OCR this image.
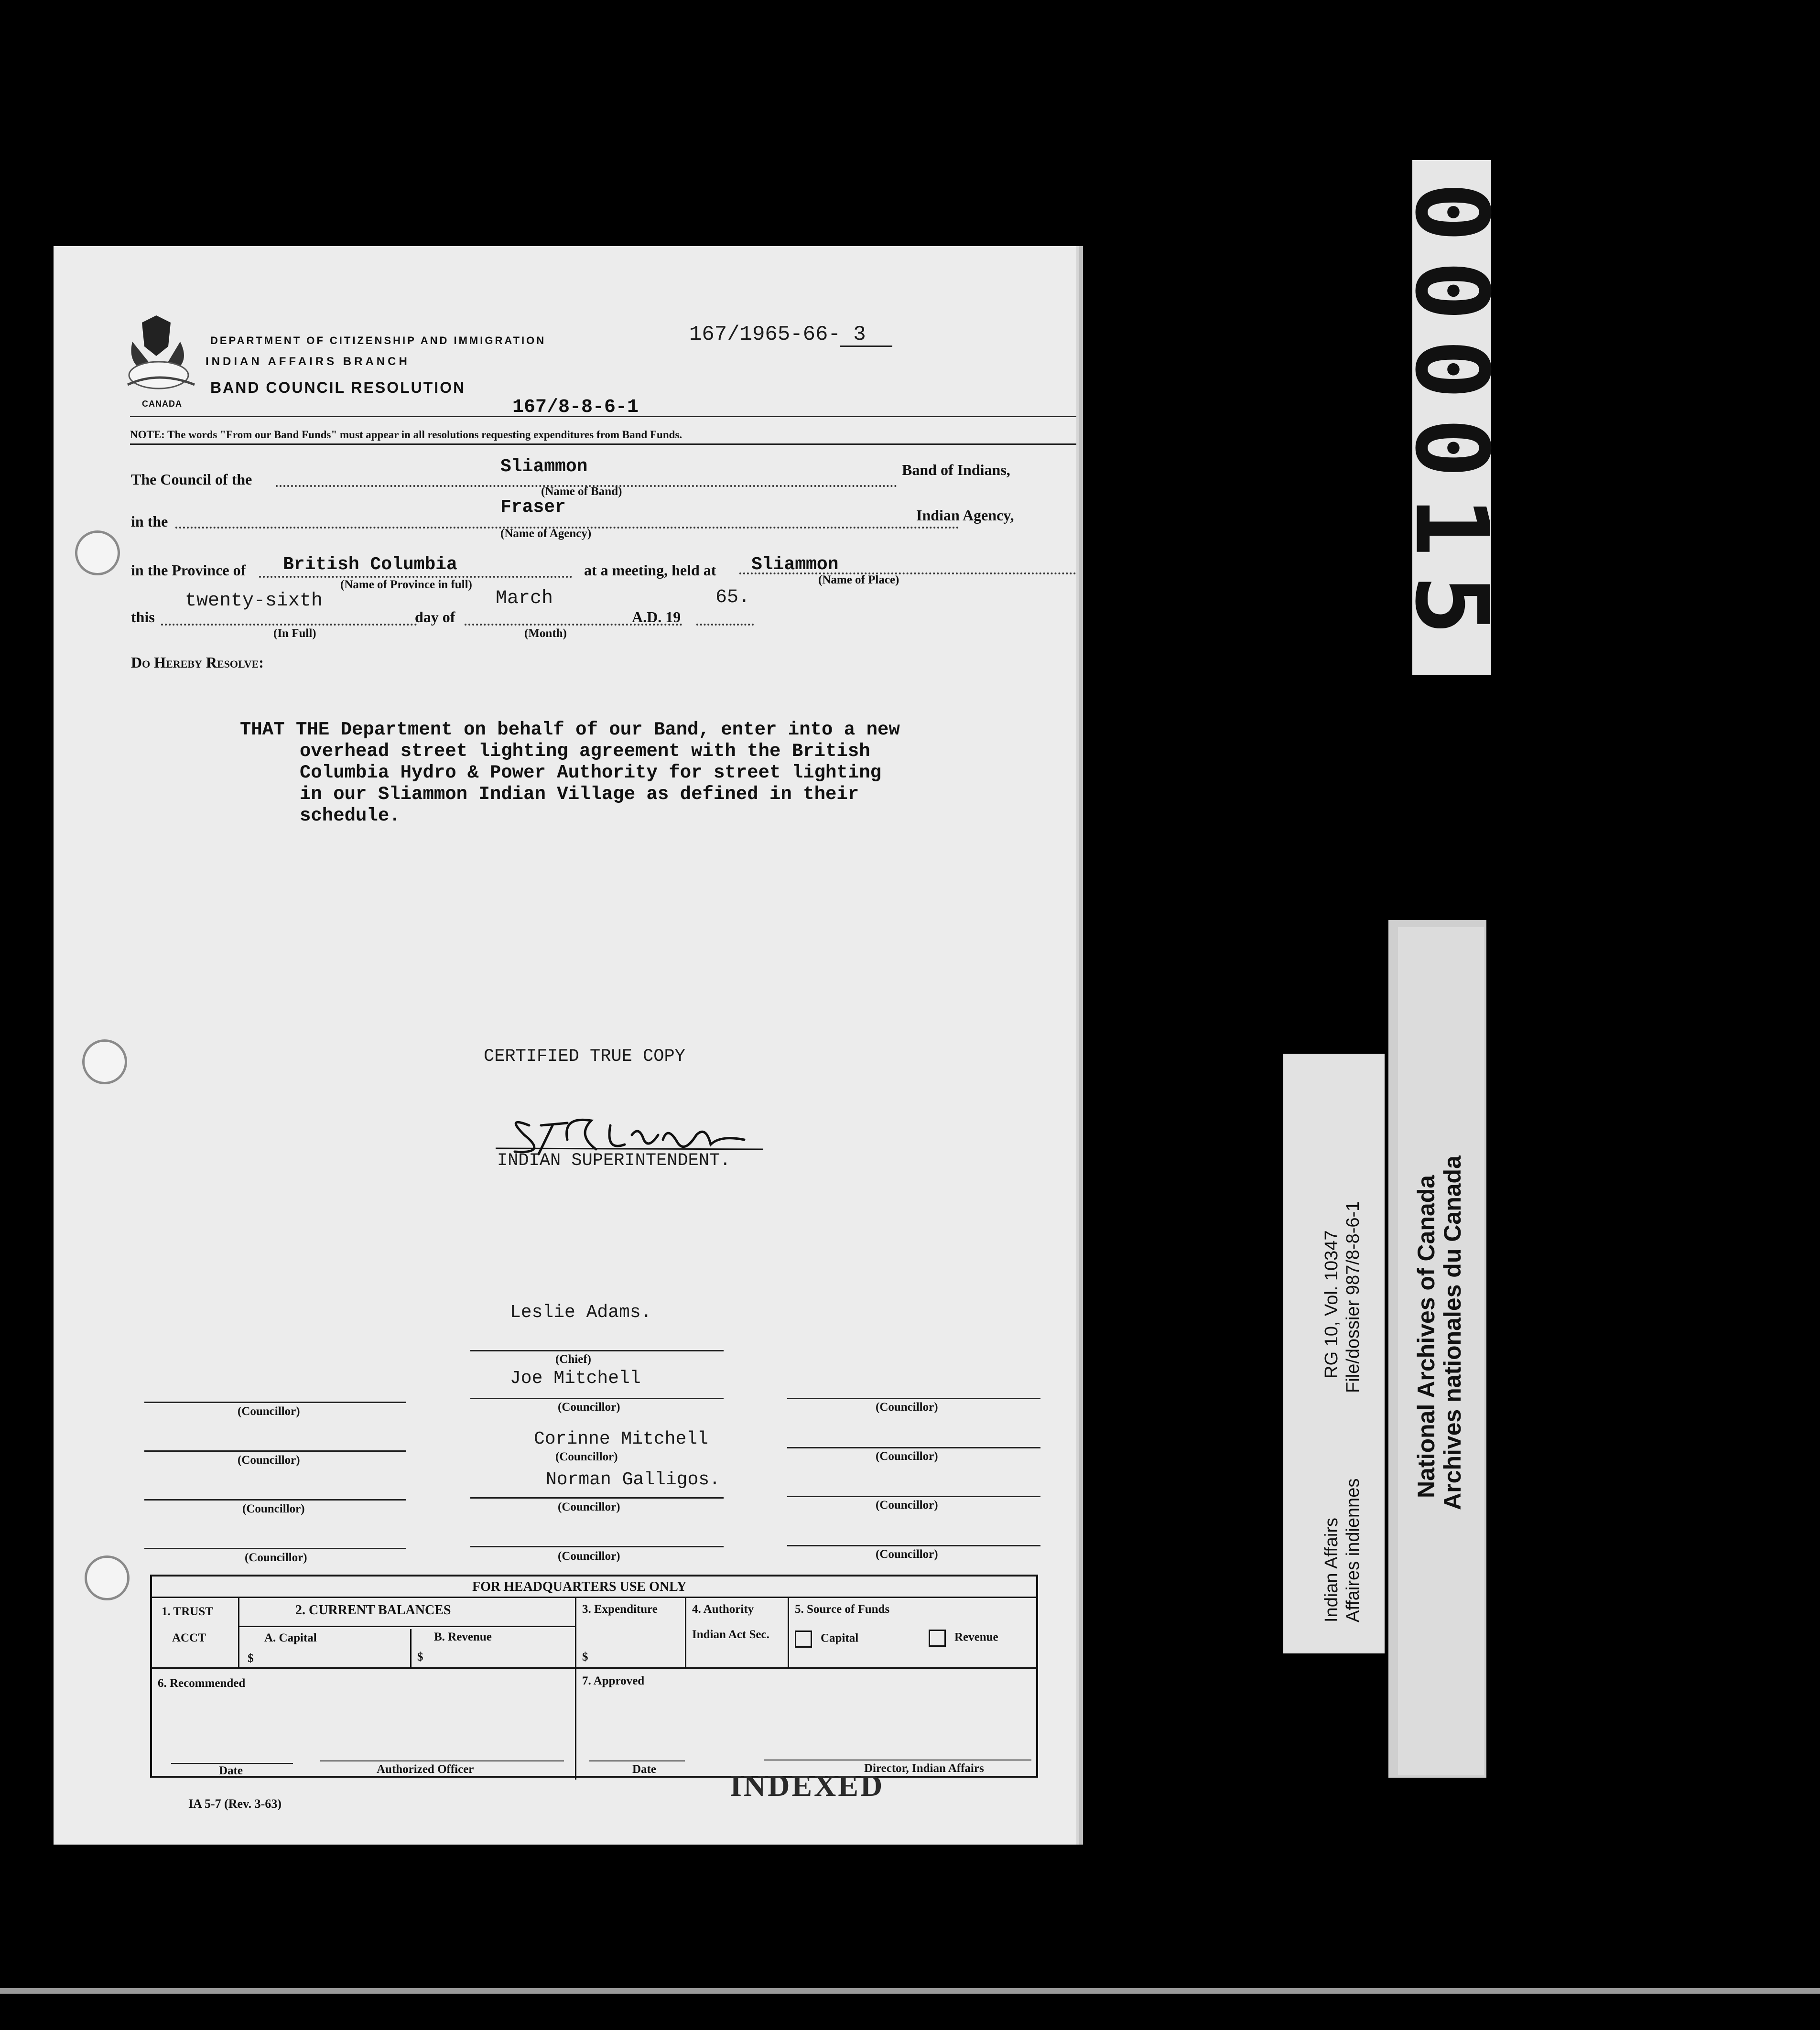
CANADA
DEPARTMENT OF CITIZENSHIP AND IMMIGRATION
INDIAN AFFAIRS BRANCH
BAND COUNCIL RESOLUTION
167/1965-66- 3
167/8-8-6-1
NOTE: The words "From our Band Funds" must appear in all resolutions requesting expenditures from Band Funds.
The Council of the
Sliammon	Band of Indians,
(Name of Band)
in the
Fraser	Indian Agency,
(Name of Agency)
in the Province of British Columbia	at a meeting, held at Sliammon
(Name of Province in full)	(Name of Place)
twenty-sixth	March	65.
this	day of	A.D. 19
(In Full)	(Month)
Do Hereby Resolve:
THAT THE Department on behalf of our Band, enter into a new
overhead street lighting agreement with the British
Columbia Hydro & Power Authority for street lighting
in our Sliammon Indian Village as defined in their
schedule.
CERTIFIED TRUE COPY
INDIAN SUPERINTENDENT.
Leslie Adams.
(Chief)
Joe Mitchell
Corinne Mitchell
Norman Galligos.
(Councillor)
(Councillor)
(Councillor)
(Councillor)
(Councillor)
(Councillor)
(Councillor)
(Councillor)
(Councillor)
(Councillor)
(Councillor)
(Councillor)
FOR HEADQUARTERS USE ONLY
1. TRUST
ACCT
2. CURRENT BALANCES
A. Capital	B. Revenue
$	$
3. Expenditure
$
4. Authority
Indian Act Sec.
5. Source of Funds
Capital	Revenue
6. Recommended	7. Approved
Date	Authorized Officer	Date	Director, Indian Affairs
IA 5-7 (Rev. 3-63)
INDEXED
000015
RG 10, Vol. 10347 File/dossier 987/8-8-6-1
Indian Affairs Affaires indiennes
National Archives of Canada Archives nationales du Canada
